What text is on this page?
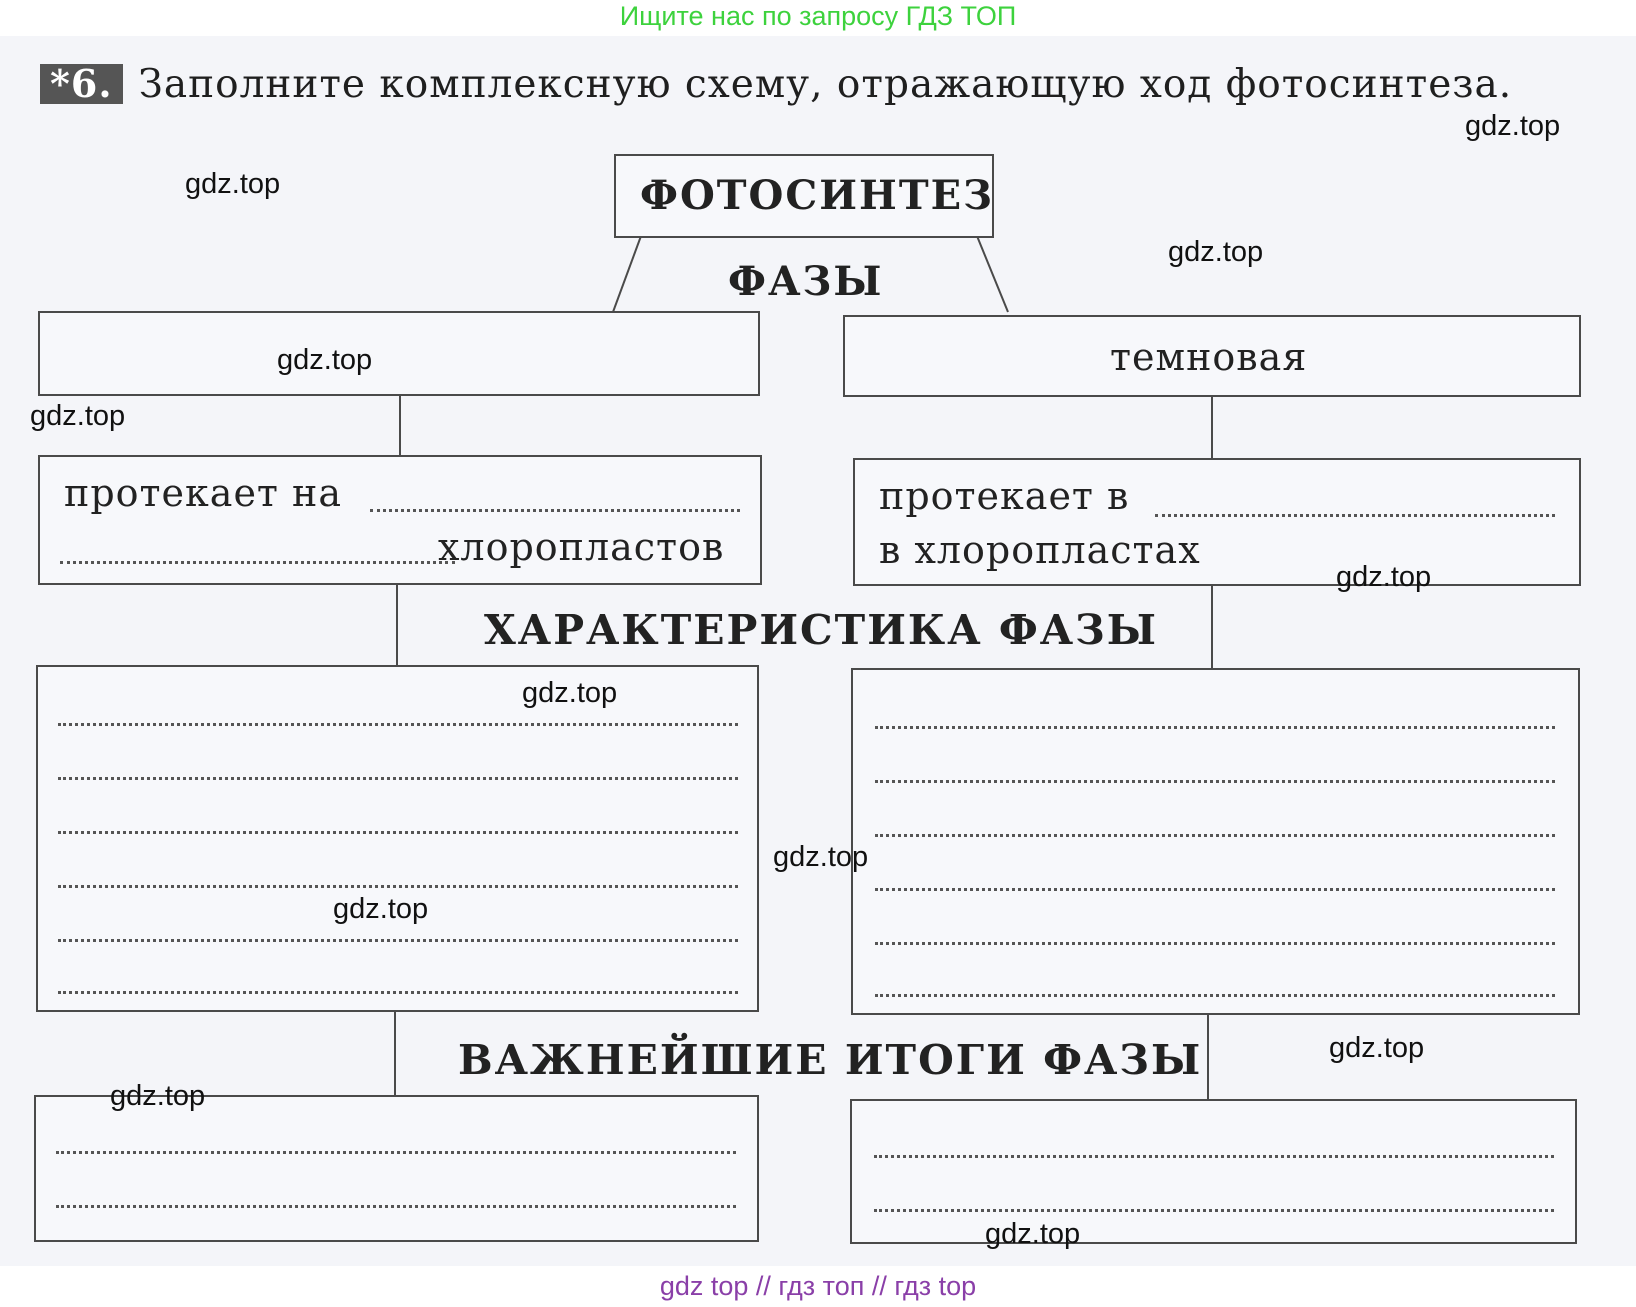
Ищите нас по запросу ГДЗ ТОП
*6. Заполните комплексную схему, отражающую ход фотосинтеза.
ФОТОСИНТЕЗ
ФАЗЫ
темновая
протекает на
хлоропластов
протекает в
в хлоропластах
ХАРАКТЕРИСТИКА ФАЗЫ
ВАЖНЕЙШИЕ ИТОГИ ФАЗЫ
gdz.top
gdz.top
gdz.top
gdz.top
gdz.top
gdz.top
gdz.top
gdz.top
gdz.top
gdz.top
gdz.top
gdz.top
gdz top // гдз топ // гдз top
